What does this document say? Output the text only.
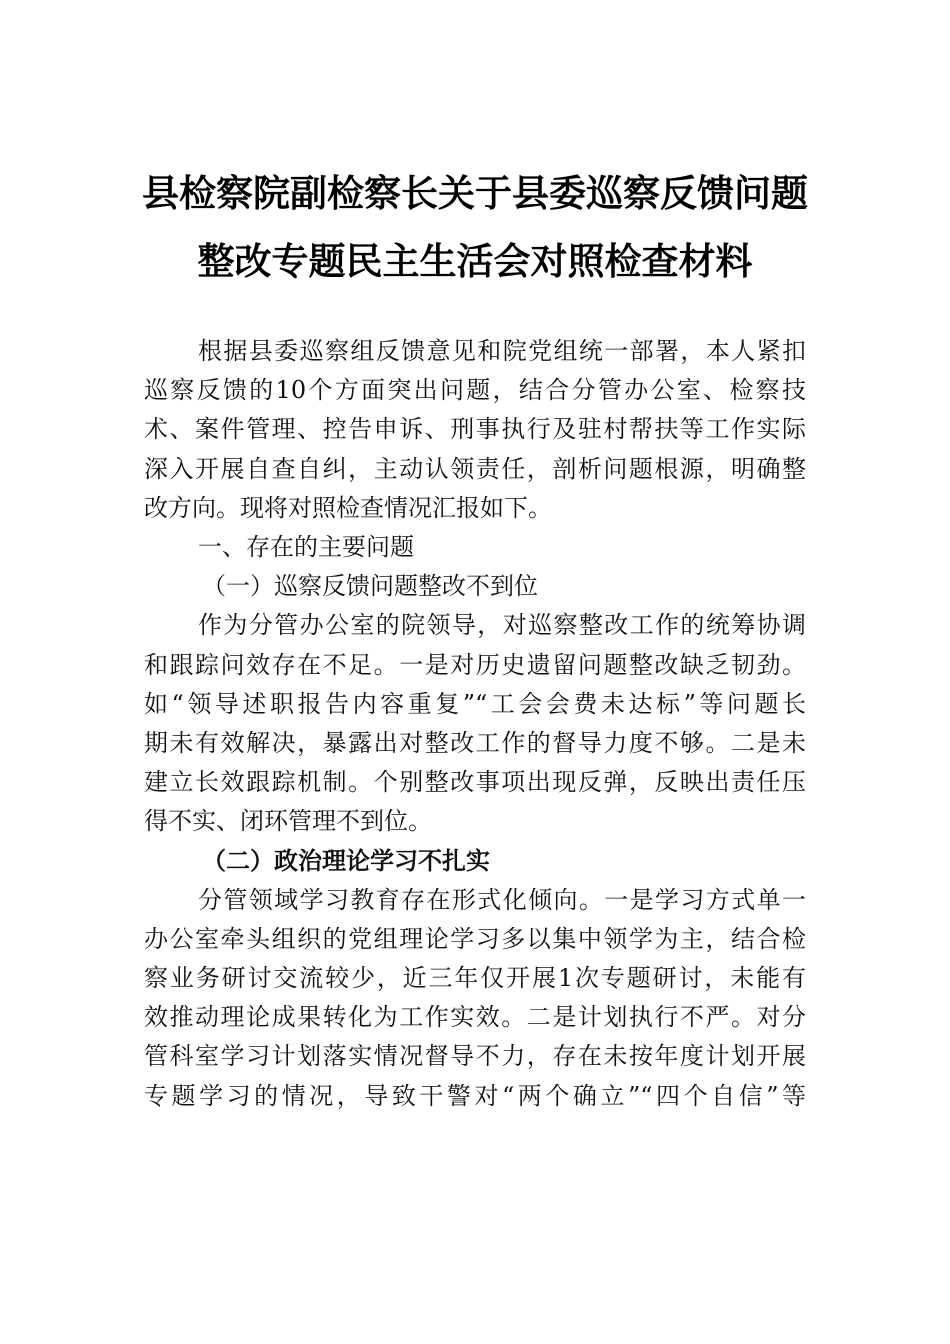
县检察院副检察长关于县委巡察反馈问题
整改专题民主生活会对照检查材料
根据县委巡察组反馈意见和院党组统一部署，本人紧扣
巡察反馈的10个方面突出问题，结合分管办公室、检察技
术、案件管理、控告申诉、刑事执行及驻村帮扶等工作实际
深入开展自查自纠，主动认领责任，剖析问题根源，明确整
改方向。现将对照检查情况汇报如下。
一、存在的主要问题
（一）巡察反馈问题整改不到位
作为分管办公室的院领导，对巡察整改工作的统筹协调
和跟踪问效存在不足。一是对历史遗留问题整改缺乏韧劲。
如“领导述职报告内容重复”“工会会费未达标”等问题长
期未有效解决，暴露出对整改工作的督导力度不够。二是未
建立长效跟踪机制。个别整改事项出现反弹，反映出责任压
得不实、闭环管理不到位。
（二）政治理论学习不扎实
分管领域学习教育存在形式化倾向。一是学习方式单一
办公室牵头组织的党组理论学习多以集中领学为主，结合检
察业务研讨交流较少，近三年仅开展1次专题研讨，未能有
效推动理论成果转化为工作实效。二是计划执行不严。对分
管科室学习计划落实情况督导不力，存在未按年度计划开展
专题学习的情况，导致干警对“两个确立”“四个自信”等
